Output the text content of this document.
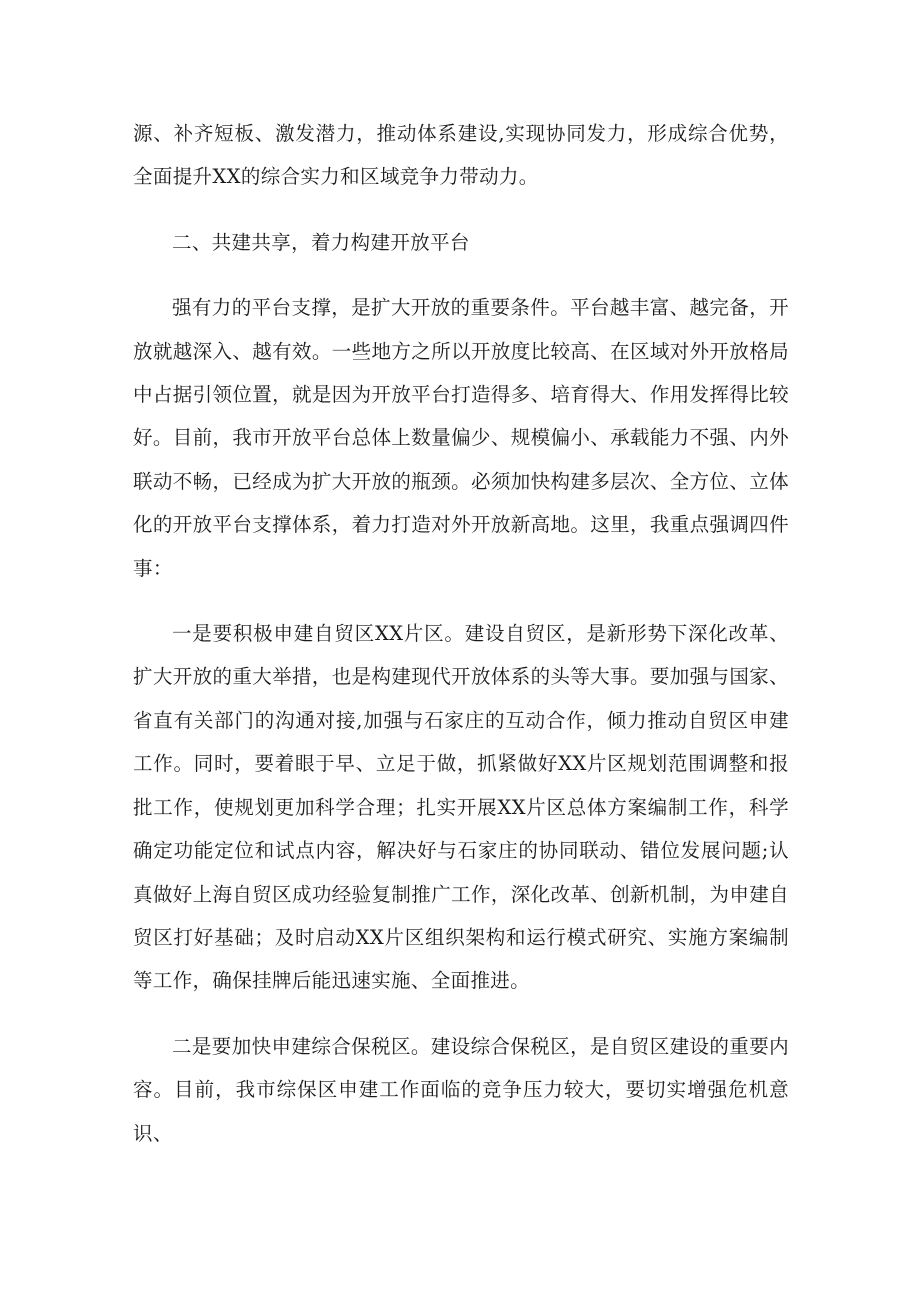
源、补齐短板、激发潜力，推动体系建设,实现协同发力，形成综合优势，全面提升XX的综合实力和区域竞争力带动力。

二、共建共享，着力构建开放平台

强有力的平台支撑，是扩大开放的重要条件。平台越丰富、越完备，开放就越深入、越有效。一些地方之所以开放度比较高、在区域对外开放格局中占据引领位置，就是因为开放平台打造得多、培育得大、作用发挥得比较好。目前，我市开放平台总体上数量偏少、规模偏小、承载能力不强、内外联动不畅，已经成为扩大开放的瓶颈。必须加快构建多层次、全方位、立体化的开放平台支撑体系，着力打造对外开放新高地。这里，我重点强调四件事：

一是要积极申建自贸区XX片区。建设自贸区，是新形势下深化改革、扩大开放的重大举措，也是构建现代开放体系的头等大事。要加强与国家、省直有关部门的沟通对接,加强与石家庄的互动合作，倾力推动自贸区申建工作。同时，要着眼于早、立足于做，抓紧做好XX片区规划范围调整和报批工作，使规划更加科学合理；扎实开展XX片区总体方案编制工作，科学确定功能定位和试点内容，解决好与石家庄的协同联动、错位发展问题;认真做好上海自贸区成功经验复制推广工作，深化改革、创新机制，为申建自贸区打好基础；及时启动XX片区组织架构和运行模式研究、实施方案编制等工作，确保挂牌后能迅速实施、全面推进。

二是要加快申建综合保税区。建设综合保税区，是自贸区建设的重要内容。目前，我市综保区申建工作面临的竞争压力较大，要切实增强危机意识、
